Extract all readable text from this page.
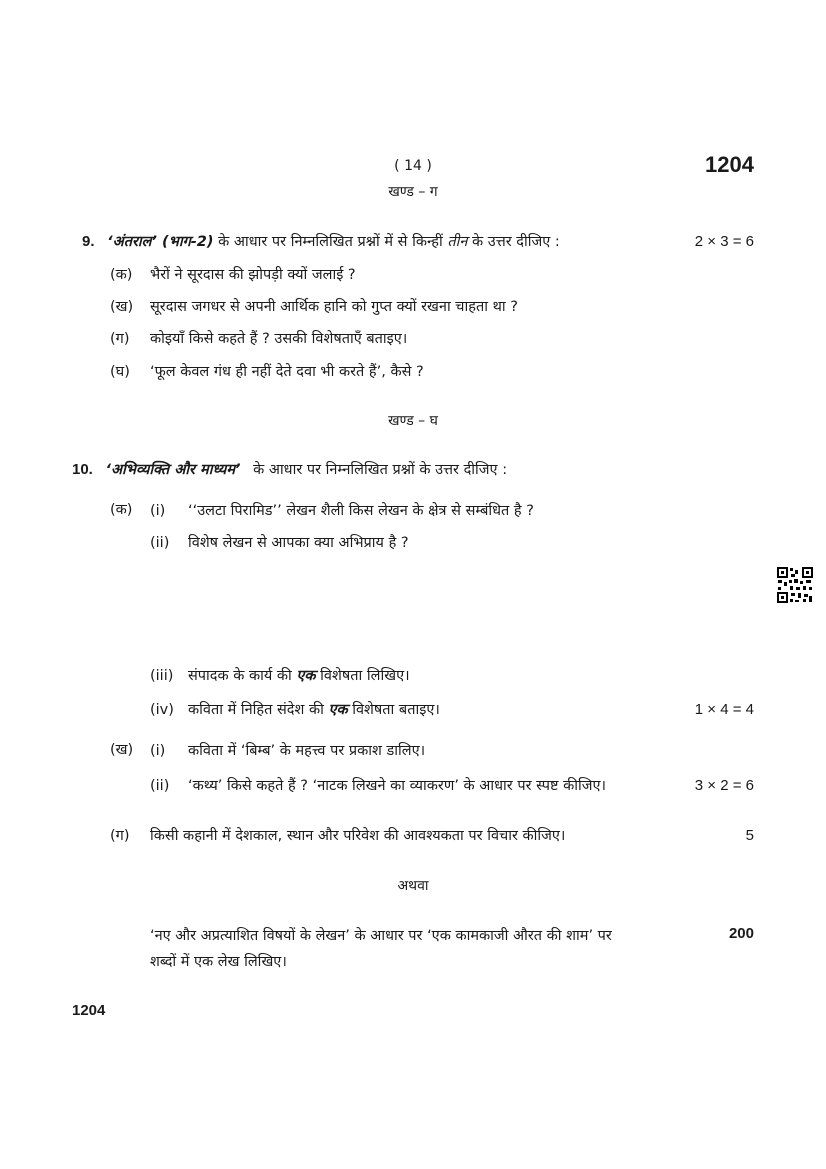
( 14 )	1204
खण्ड – ग
9. ‘अंतराल’ (भाग-2) के आधार पर निम्नलिखित प्रश्नों में से किन्हीं तीन के उत्तर दीजिए :	2 × 3 = 6
(क) भैरों ने सूरदास की झोपड़ी क्यों जलाई ?
(ख) सूरदास जगधर से अपनी आर्थिक हानि को गुप्त क्यों रखना चाहता था ?
(ग) कोइयाँ किसे कहते हैं ? उसकी विशेषताएँ बताइए।
(घ) ‘फूल केवल गंध ही नहीं देते दवा भी करते हैं’, कैसे ?
खण्ड – घ
10. ‘अभिव्यक्ति और माध्यम’ के आधार पर निम्नलिखित प्रश्नों के उत्तर दीजिए :
(क) (i) ‘‘उलटा पिरामिड’’ लेखन शैली किस लेखन के क्षेत्र से सम्बंधित है ?
(ii) विशेष लेखन से आपका क्या अभिप्राय है ?
(iii) संपादक के कार्य की एक विशेषता लिखिए।
(iv) कविता में निहित संदेश की एक विशेषता बताइए।	1 × 4 = 4
(ख) (i) कविता में ‘बिम्ब’ के महत्त्व पर प्रकाश डालिए।
(ii) ‘कथ्य’ किसे कहते हैं ? ‘नाटक लिखने का व्याकरण’ के आधार पर स्पष्ट कीजिए।	3 × 2 = 6
(ग) किसी कहानी में देशकाल, स्थान और परिवेश की आवश्यकता पर विचार कीजिए।	5
अथवा
‘नए और अप्रत्याशित विषयों के लेखन’ के आधार पर ‘एक कामकाजी औरत की शाम’ पर	200
शब्दों में एक लेख लिखिए।
1204
